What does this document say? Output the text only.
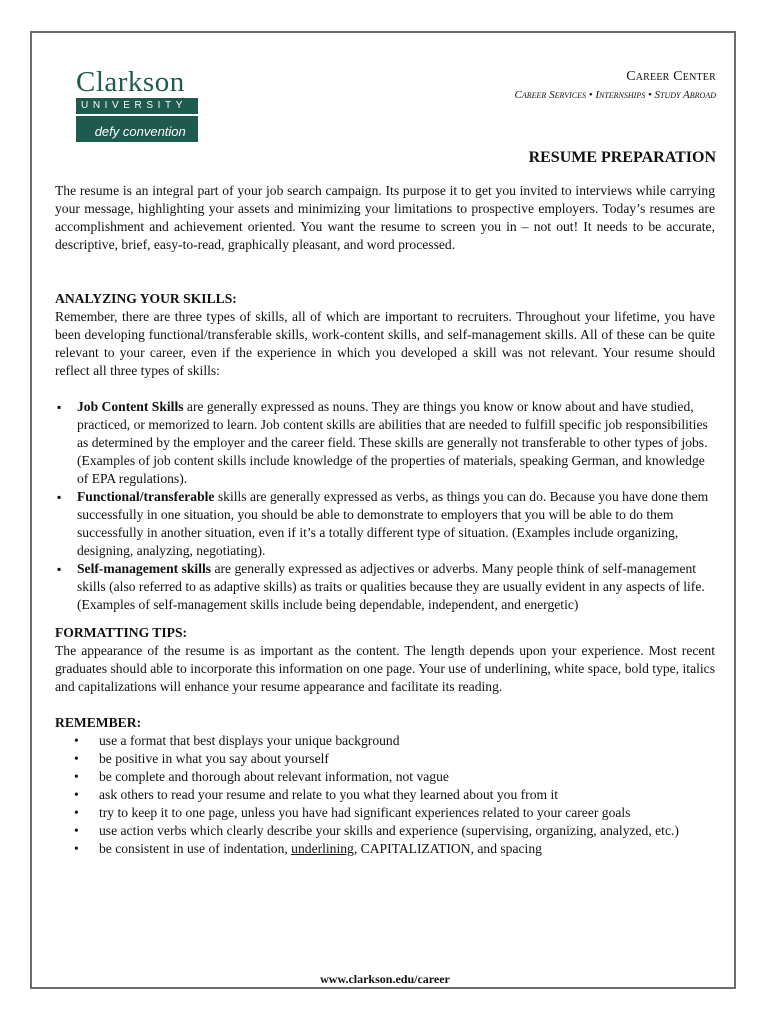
Clarkson
UNIVERSITY
defy conventionTM
Career Center
Career Services • Internships • Study Abroad
RESUME PREPARATION

The resume is an integral part of your job search campaign. Its purpose it to get you invited to interviews while carrying your message, highlighting your assets and minimizing your limitations to prospective employers. Today’s resumes are accomplishment and achievement oriented. You want the resume to screen you in – not out! It needs to be accurate, descriptive, brief, easy-to-read, graphically pleasant, and word processed.

ANALYZING YOUR SKILLS:

Remember, there are three types of skills, all of which are important to recruiters. Throughout your lifetime, you have been developing functional/transferable skills, work-content skills, and self-management skills. All of these can be quite relevant to your career, even if the experience in which you developed a skill was not relevant. Your resume should reflect all three types of skills:

▪ Job Content Skills are generally expressed as nouns. They are things you know or know about and have studied, practiced, or memorized to learn. Job content skills are abilities that are needed to fulfill specific job responsibilities as determined by the employer and the career field. These skills are generally not transferable to other types of jobs. (Examples of job content skills include knowledge of the properties of materials, speaking German, and knowledge of EPA regulations).
▪ Functional/transferable skills are generally expressed as verbs, as things you can do. Because you have done them successfully in one situation, you should be able to demonstrate to employers that you will be able to do them successfully in another situation, even if it’s a totally different type of situation. (Examples include organizing, designing, analyzing, negotiating).
▪ Self-management skills are generally expressed as adjectives or adverbs. Many people think of self-management skills (also referred to as adaptive skills) as traits or qualities because they are usually evident in any aspects of life. (Examples of self-management skills include being dependable, independent, and energetic)
FORMATTING TIPS:

The appearance of the resume is as important as the content. The length depends upon your experience. Most recent graduates should able to incorporate this information on one page. Your use of underlining, white space, bold type, italics and capitalizations will enhance your resume appearance and facilitate its reading.

REMEMBER:
• use a format that best displays your unique background
• be positive in what you say about yourself
• be complete and thorough about relevant information, not vague
• ask others to read your resume and relate to you what they learned about you from it
• try to keep it to one page, unless you have had significant experiences related to your career goals
• use action verbs which clearly describe your skills and experience (supervising, organizing, analyzed, etc.)
• be consistent in use of indentation, underlining, CAPITALIZATION, and spacing
www.clarkson.edu/career
